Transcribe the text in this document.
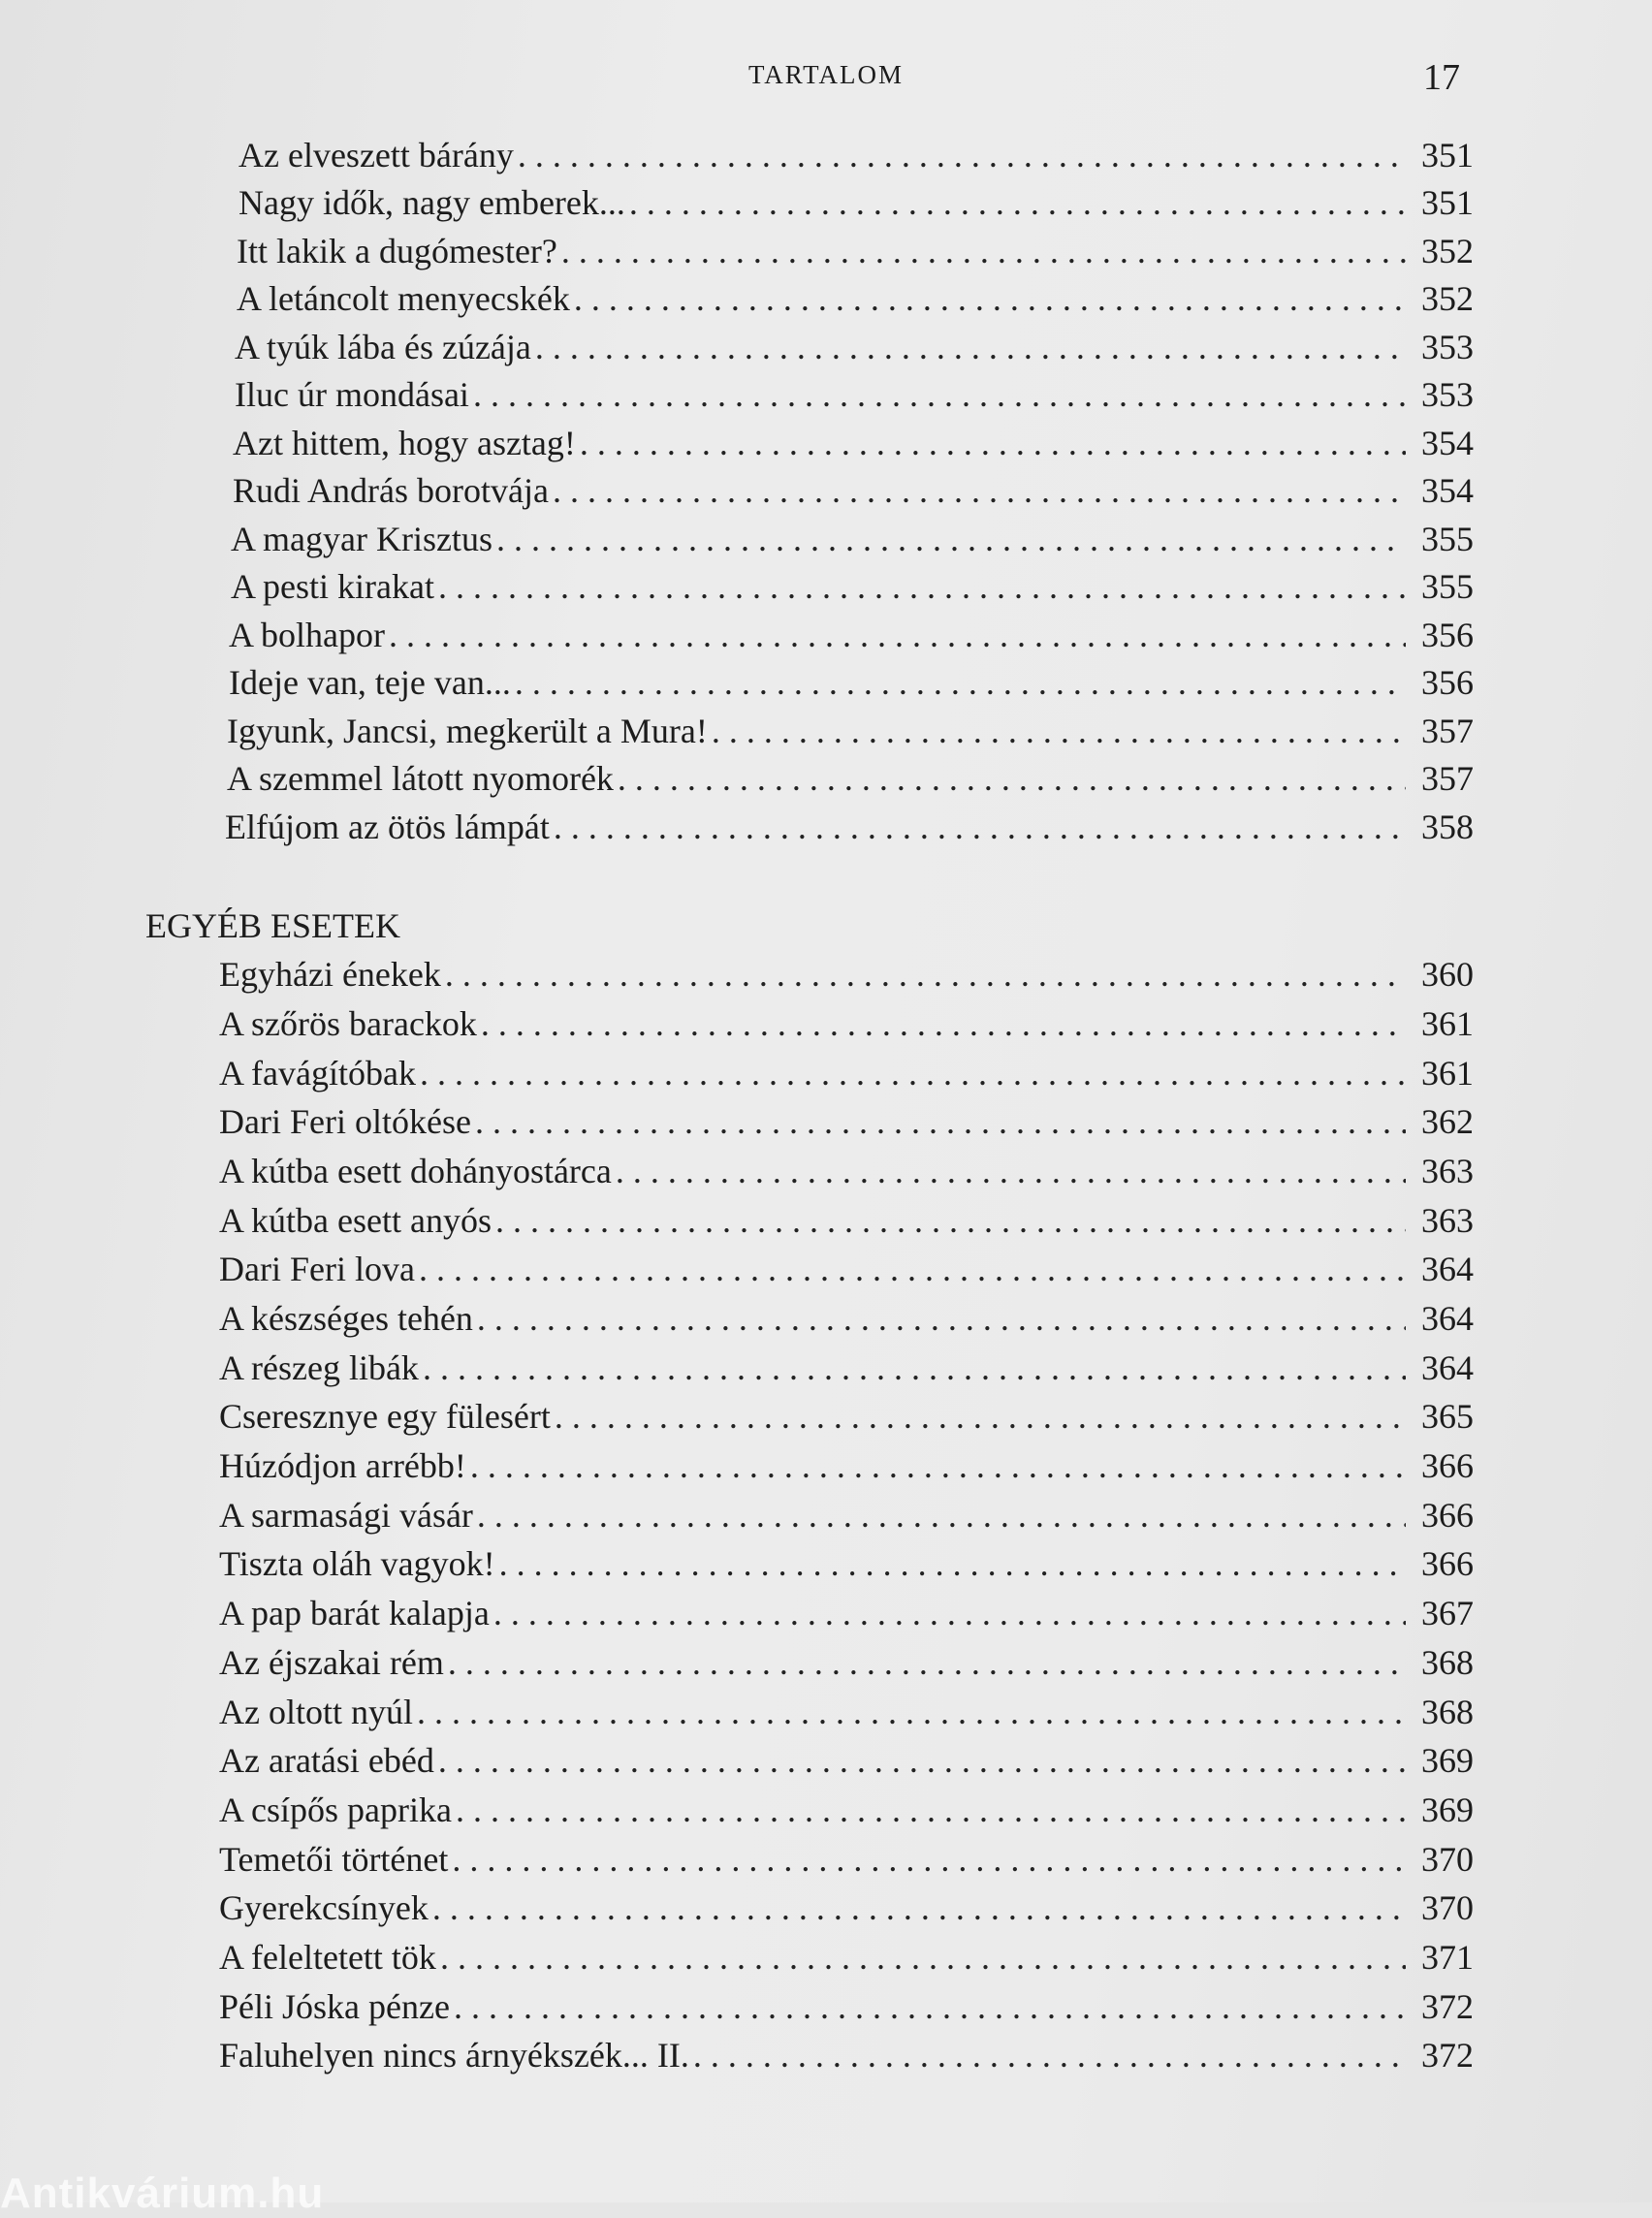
TARTALOM	17
Az elveszett bárány . . .	351
Nagy idők, nagy emberek... . . .	351
Itt lakik a dugómester? . . .	352
A letáncolt menyecskék . . .	352
A tyúk lába és zúzája . . .	353
Iluc úr mondásai . . .	353
Azt hittem, hogy asztag! . . .	354
Rudi András borotvája . . .	354
A magyar Krisztus . . .	355
A pesti kirakat . . .	355
A bolhapor . . .	356
Ideje van, teje van... . . .	356
Igyunk, Jancsi, megkerült a Mura! . . .	357
A szemmel látott nyomorék . . .	357
Elfújom az ötös lámpát . . .	358
EGYÉB ESETEK
Egyházi énekek . . .	360
A szőrös barackok . . .	361
A favágítóbak . . .	361
Dari Feri oltókése . . .	362
A kútba esett dohányostárca . . .	363
A kútba esett anyós . . .	363
Dari Feri lova . . .	364
A készséges tehén . . .	364
A részeg libák . . .	364
Cseresznye egy fülesért . . .	365
Húzódjon arrébb! . . .	366
A sarmasági vásár . . .	366
Tiszta oláh vagyok! . . .	366
A pap barát kalapja . . .	367
Az éjszakai rém . . .	368
Az oltott nyúl . . .	368
Az aratási ebéd . . .	369
A csípős paprika . . .	369
Temetői történet . . .	370
Gyerekcsínyek . . .	370
A feleltetett tök . . .	371
Péli Jóska pénze . . .	372
Faluhelyen nincs árnyékszék... II. . . .	372
Antikvárium.hu
